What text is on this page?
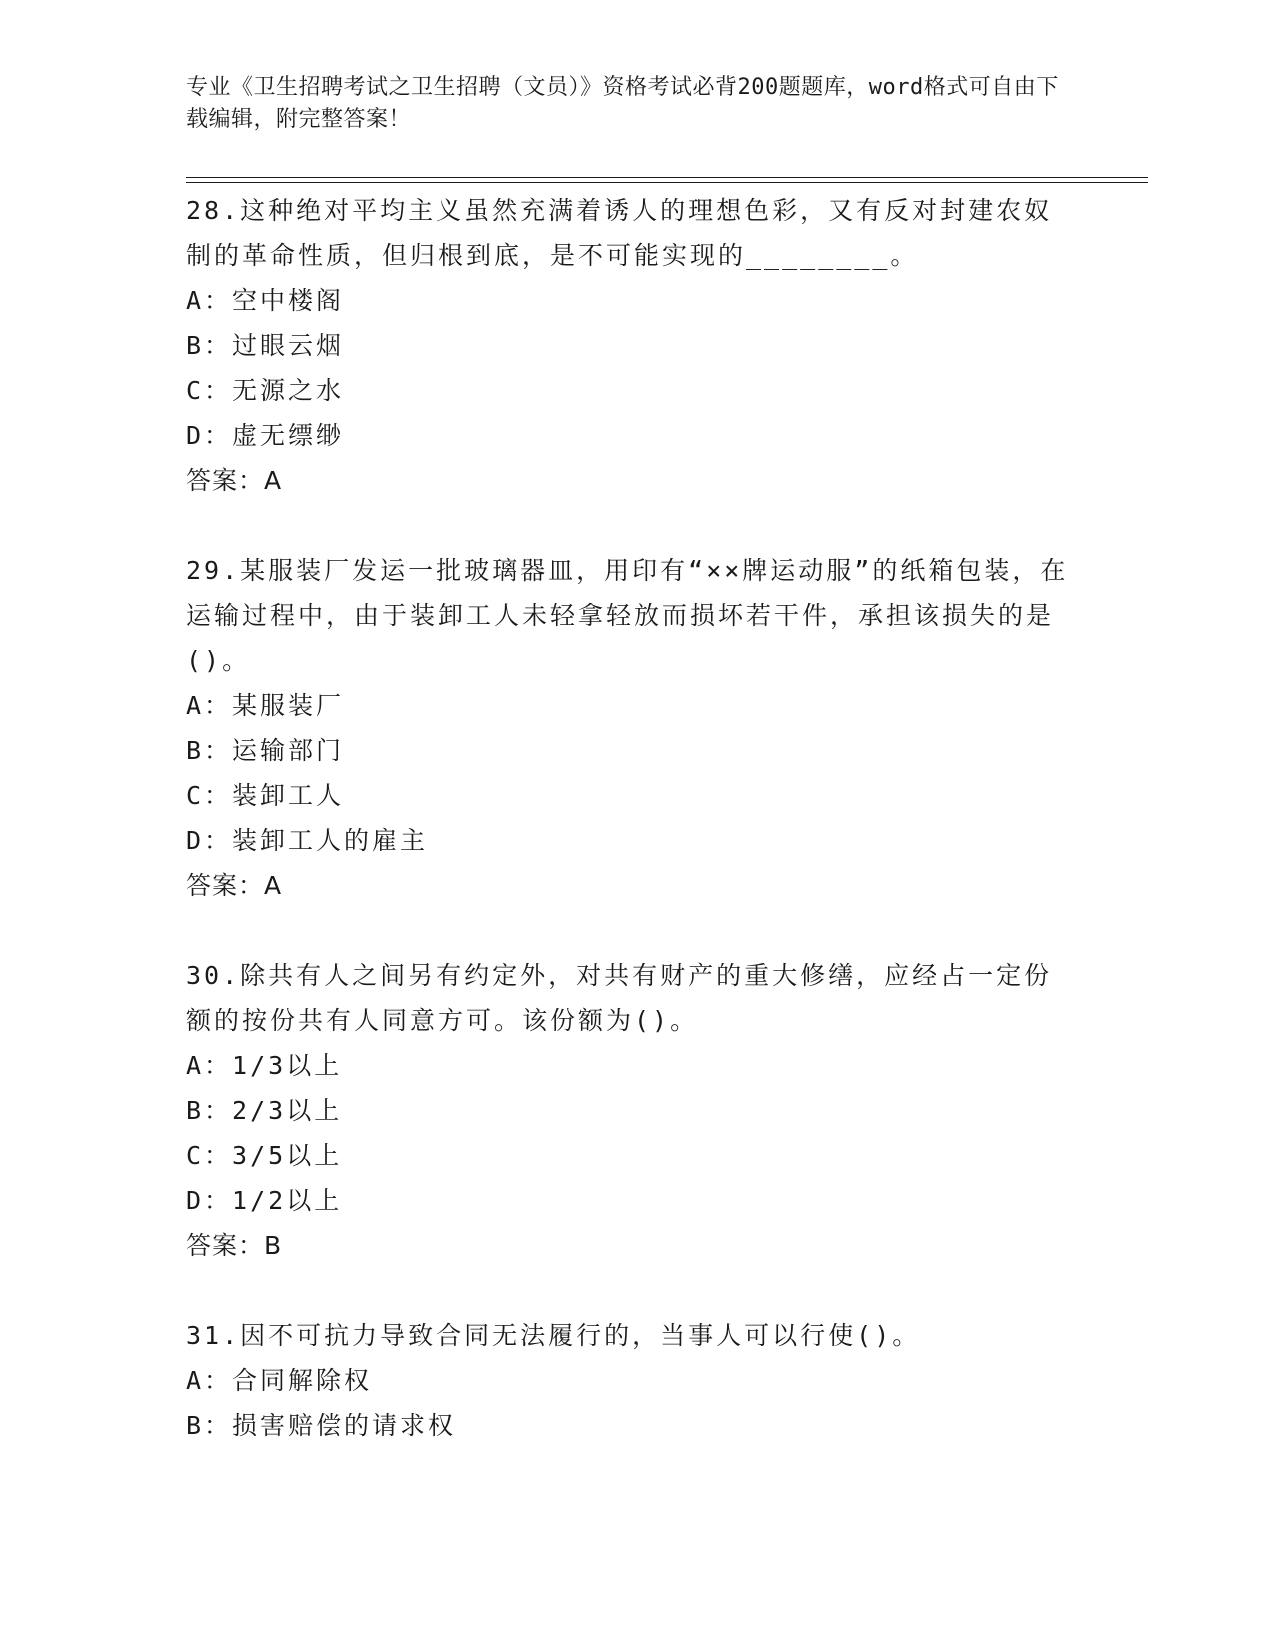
专业《卫生招聘考试之卫生招聘（文员）》资格考试必背200题题库，word格式可自由下载编辑，附完整答案！
28.这种绝对平均主义虽然充满着诱人的理想色彩，又有反对封建农奴制的革命性质，但归根到底，是不可能实现的________。
A：空中楼阁
B：过眼云烟
C：无源之水
D：虚无缥缈
答案：A
29.某服装厂发运一批玻璃器皿，用印有“××牌运动服”的纸箱包装，在运输过程中，由于装卸工人未轻拿轻放而损坏若干件，承担该损失的是()。
A：某服装厂
B：运输部门
C：装卸工人
D：装卸工人的雇主
答案：A
30.除共有人之间另有约定外，对共有财产的重大修缮，应经占一定份额的按份共有人同意方可。该份额为()。
A：1/3以上
B：2/3以上
C：3/5以上
D：1/2以上
答案：B
31.因不可抗力导致合同无法履行的，当事人可以行使()。
A：合同解除权
B：损害赔偿的请求权
